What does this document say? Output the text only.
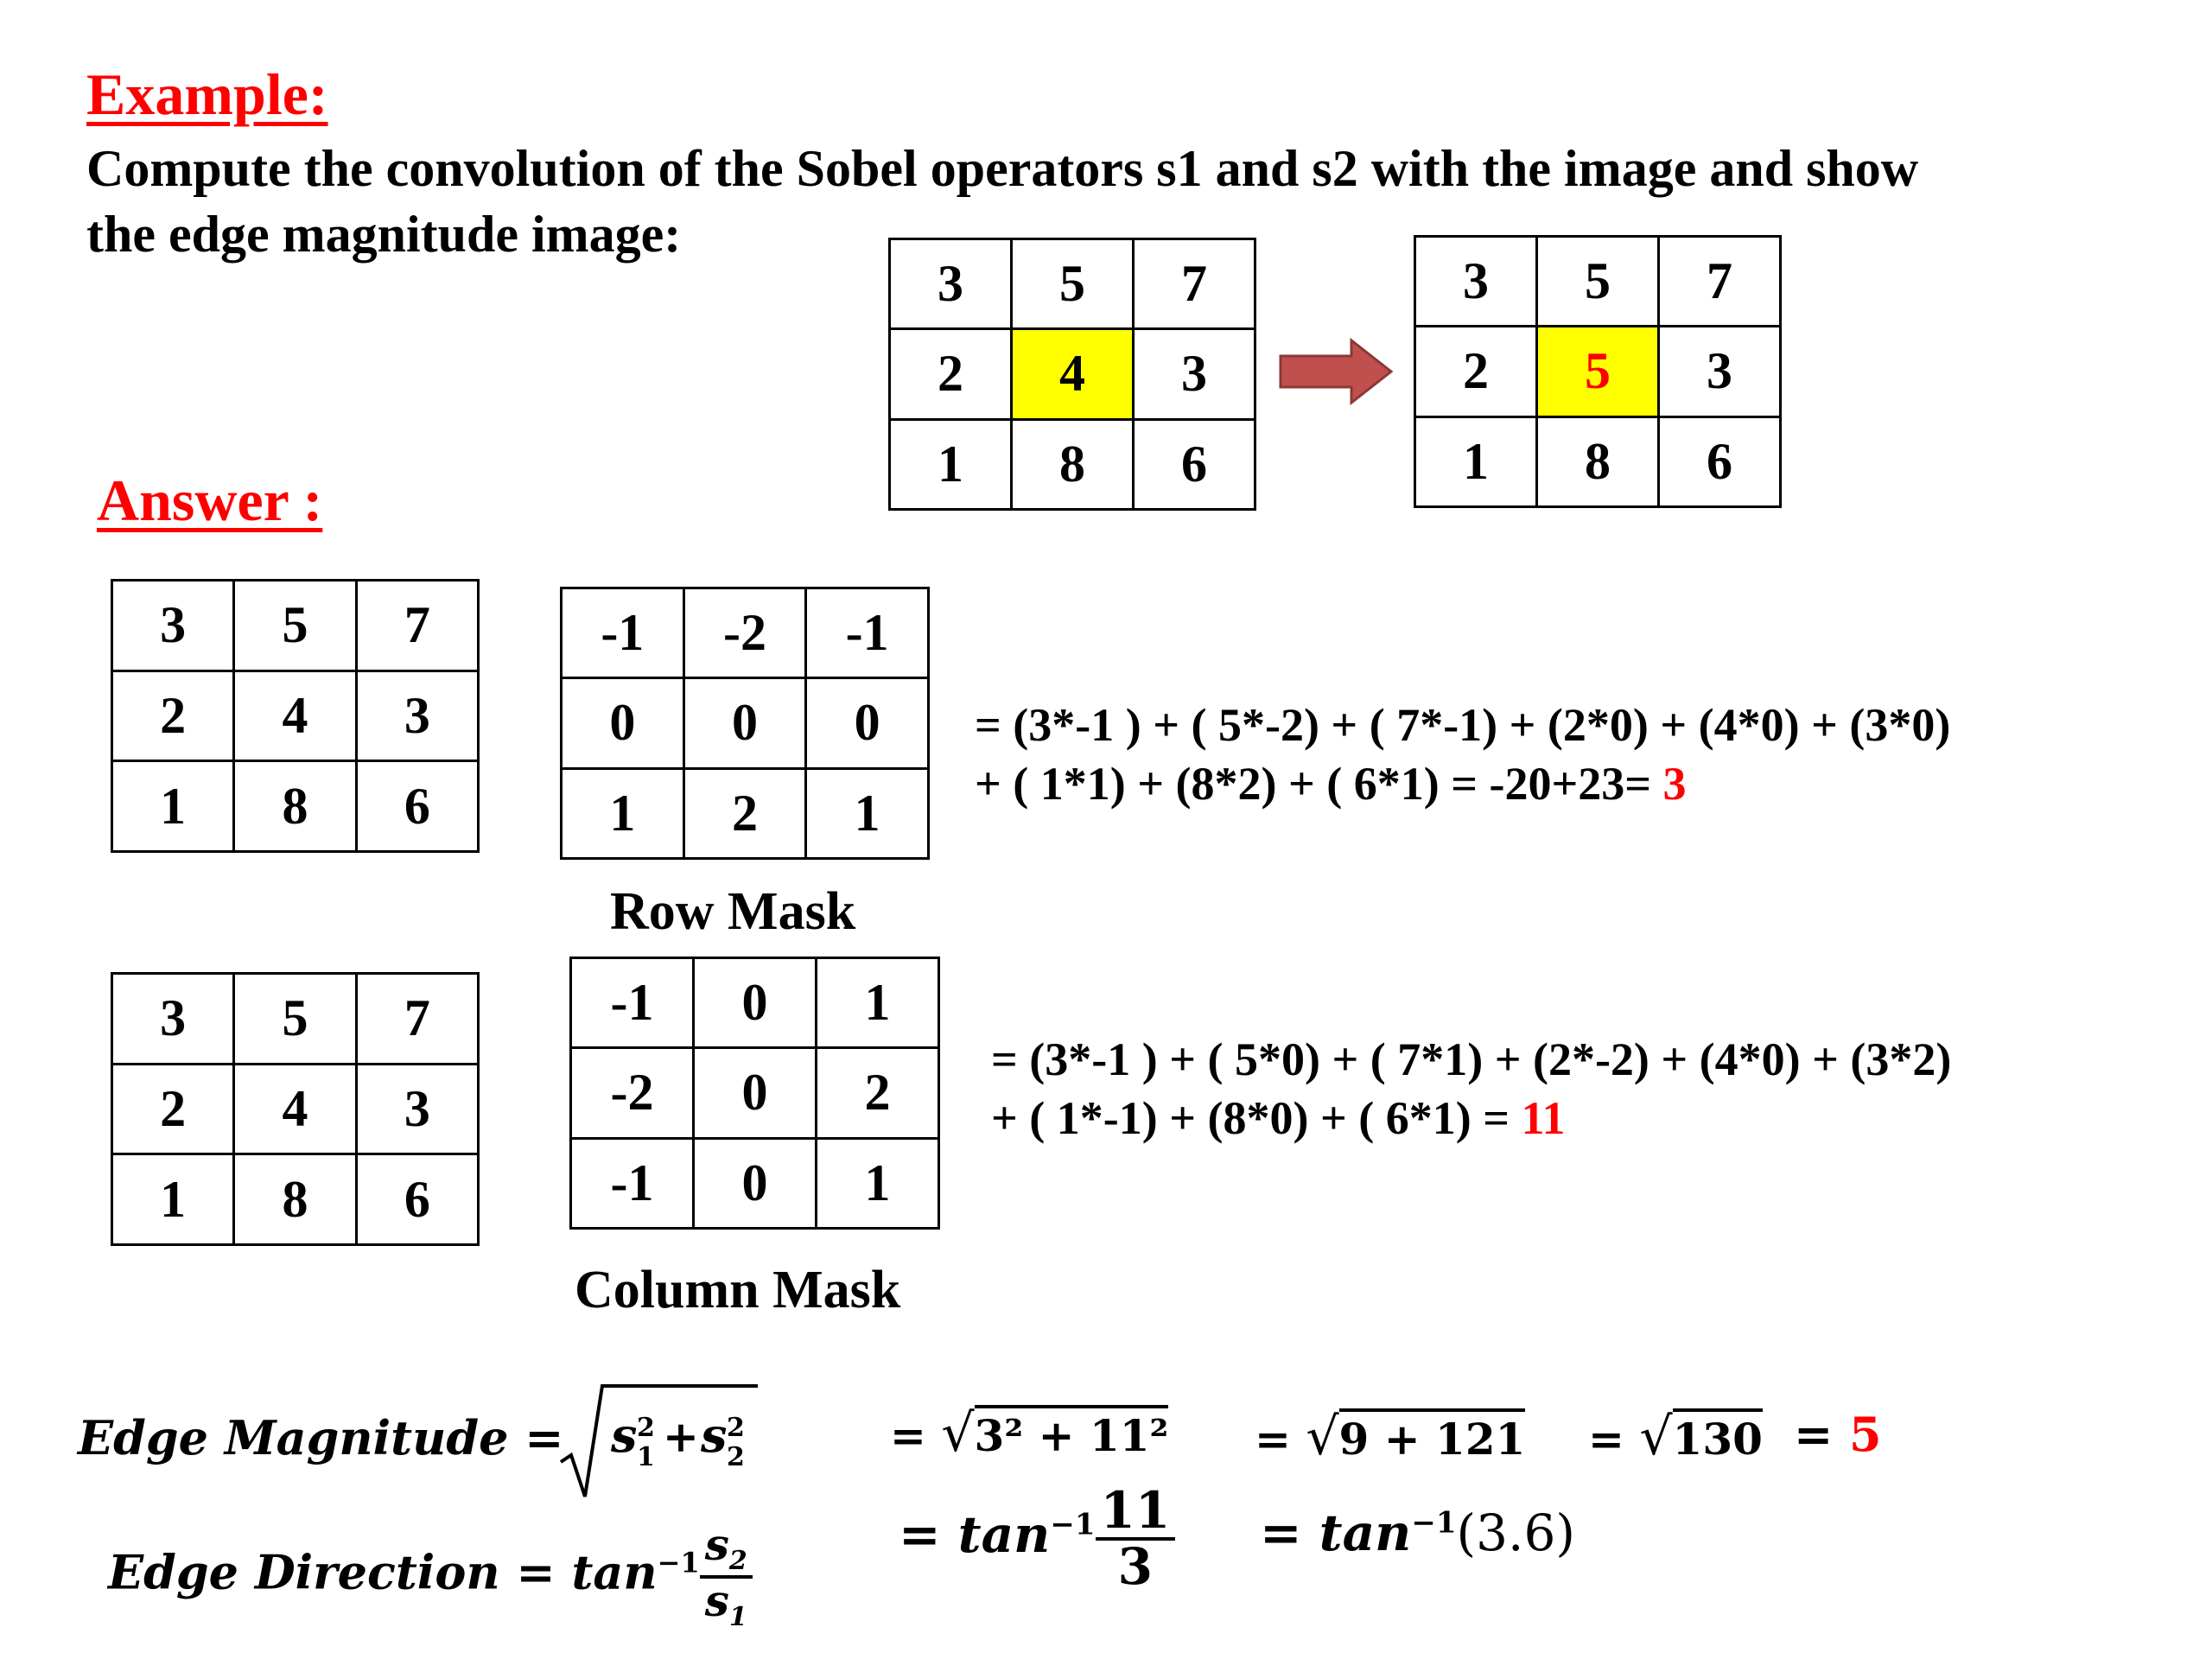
Example:
Compute the convolution of the Sobel operators s1 and s2 with the image and show
the edge magnitude image:
3	5	7
2	4	3
1	8	6
3	5	7
2	5	3
1	8	6
Answer :
3	5	7
2	4	3
1	8	6
-1	-2	-1
0	0	0
1	2	1
Row Mask
= (3*-1 ) + ( 5*-2) + ( 7*-1) + (2*0) + (4*0) + (3*0)
+ ( 1*1) + (8*2) + ( 6*1) = -20+23= 3
3	5	7
2	4	3
1	8	6
-1	0	1
-2	0	2
-1	0	1
Column Mask
= (3*-1 ) + ( 5*0) + ( 7*1) + (2*-2) + (4*0) + (3*2)
+ ( 1*-1) + (8*0) + ( 6*1) = 11
Edge Magnitude = s 2
1 + s 2
2	= √3² + 11² = √9 + 121 = √130 = 5
Edge Direction = $\tan^{-1} \frac{s_2}{s_1}$	= $\tan^{-1} \frac{11}{3} = \tan^{-1}(3.6)$
